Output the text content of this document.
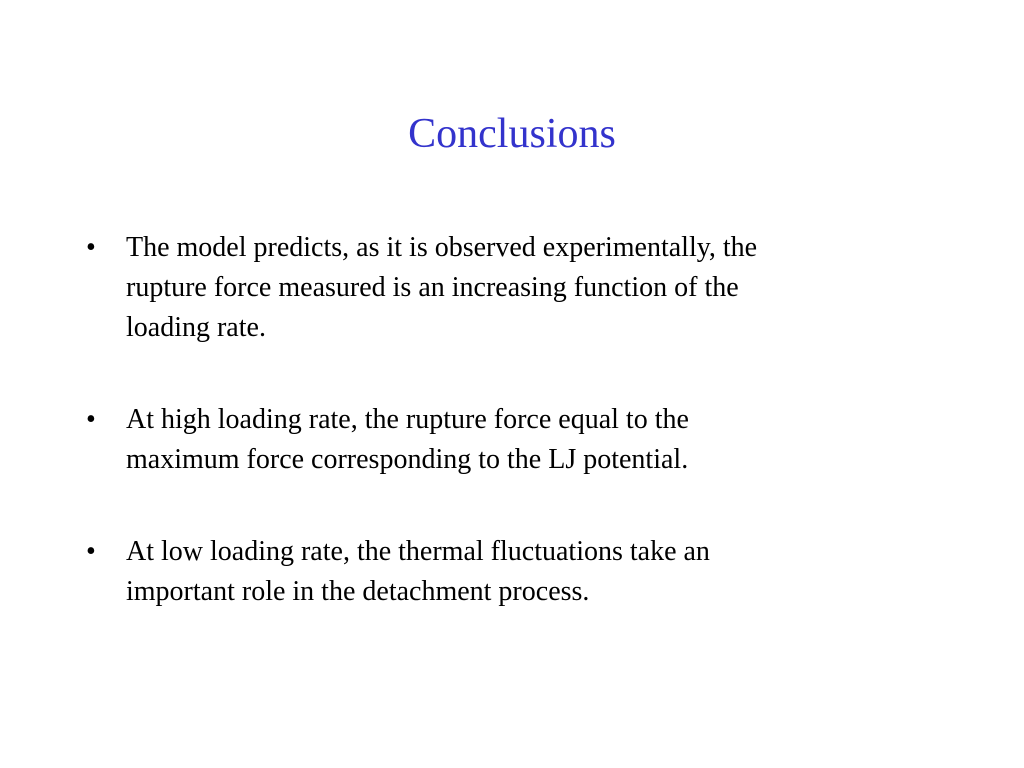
Conclusions
• The model predicts, as it is observed experimentally, the
rupture force measured is an increasing function of the
loading rate.
• At high loading rate, the rupture force equal to the
maximum force corresponding to the LJ potential.
• At low loading rate, the thermal fluctuations take an
important role in the detachment process.
